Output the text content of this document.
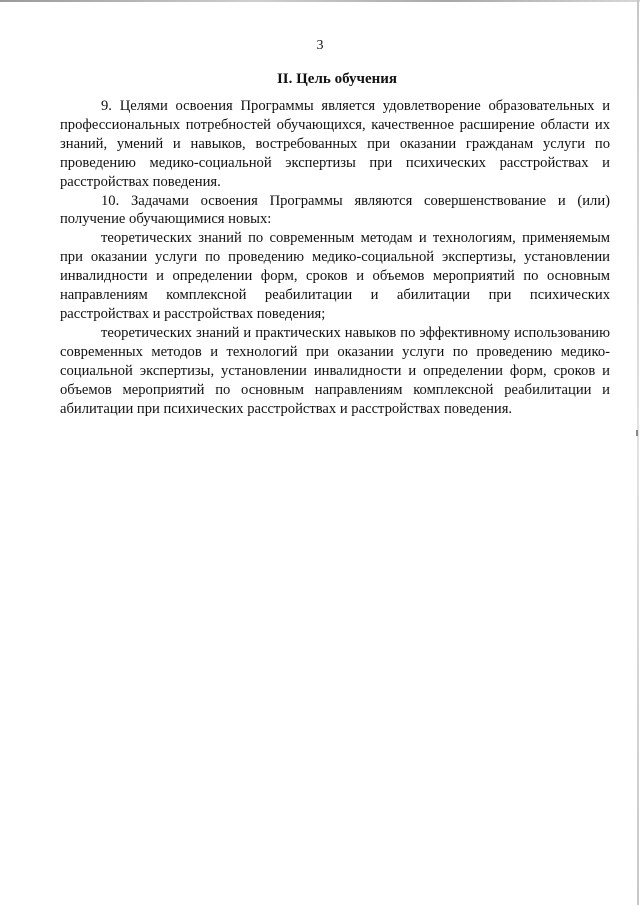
3
II. Цель обучения

9. Целями освоения Программы является удовлетворение образовательных и профессиональных потребностей обучающихся, качественное расширение области их знаний, умений и навыков, востребованных при оказании гражданам услуги по проведению медико-социальной экспертизы при психических расстройствах и расстройствах поведения.

10. Задачами освоения Программы являются совершенствование и (или) получение обучающимися новых:

теоретических знаний по современным методам и технологиям, применяемым при оказании услуги по проведению медико-социальной экспертизы, установлении инвалидности и определении форм, сроков и объемов мероприятий по основным направлениям комплексной реабилитации и абилитации при психических расстройствах и расстройствах поведения;

теоретических знаний и практических навыков по эффективному использованию современных методов и технологий при оказании услуги по проведению медико-социальной экспертизы, установлении инвалидности и определении форм, сроков и объемов мероприятий по основным направлениям комплексной реабилитации и абилитации при психических расстройствах и расстройствах поведения.
